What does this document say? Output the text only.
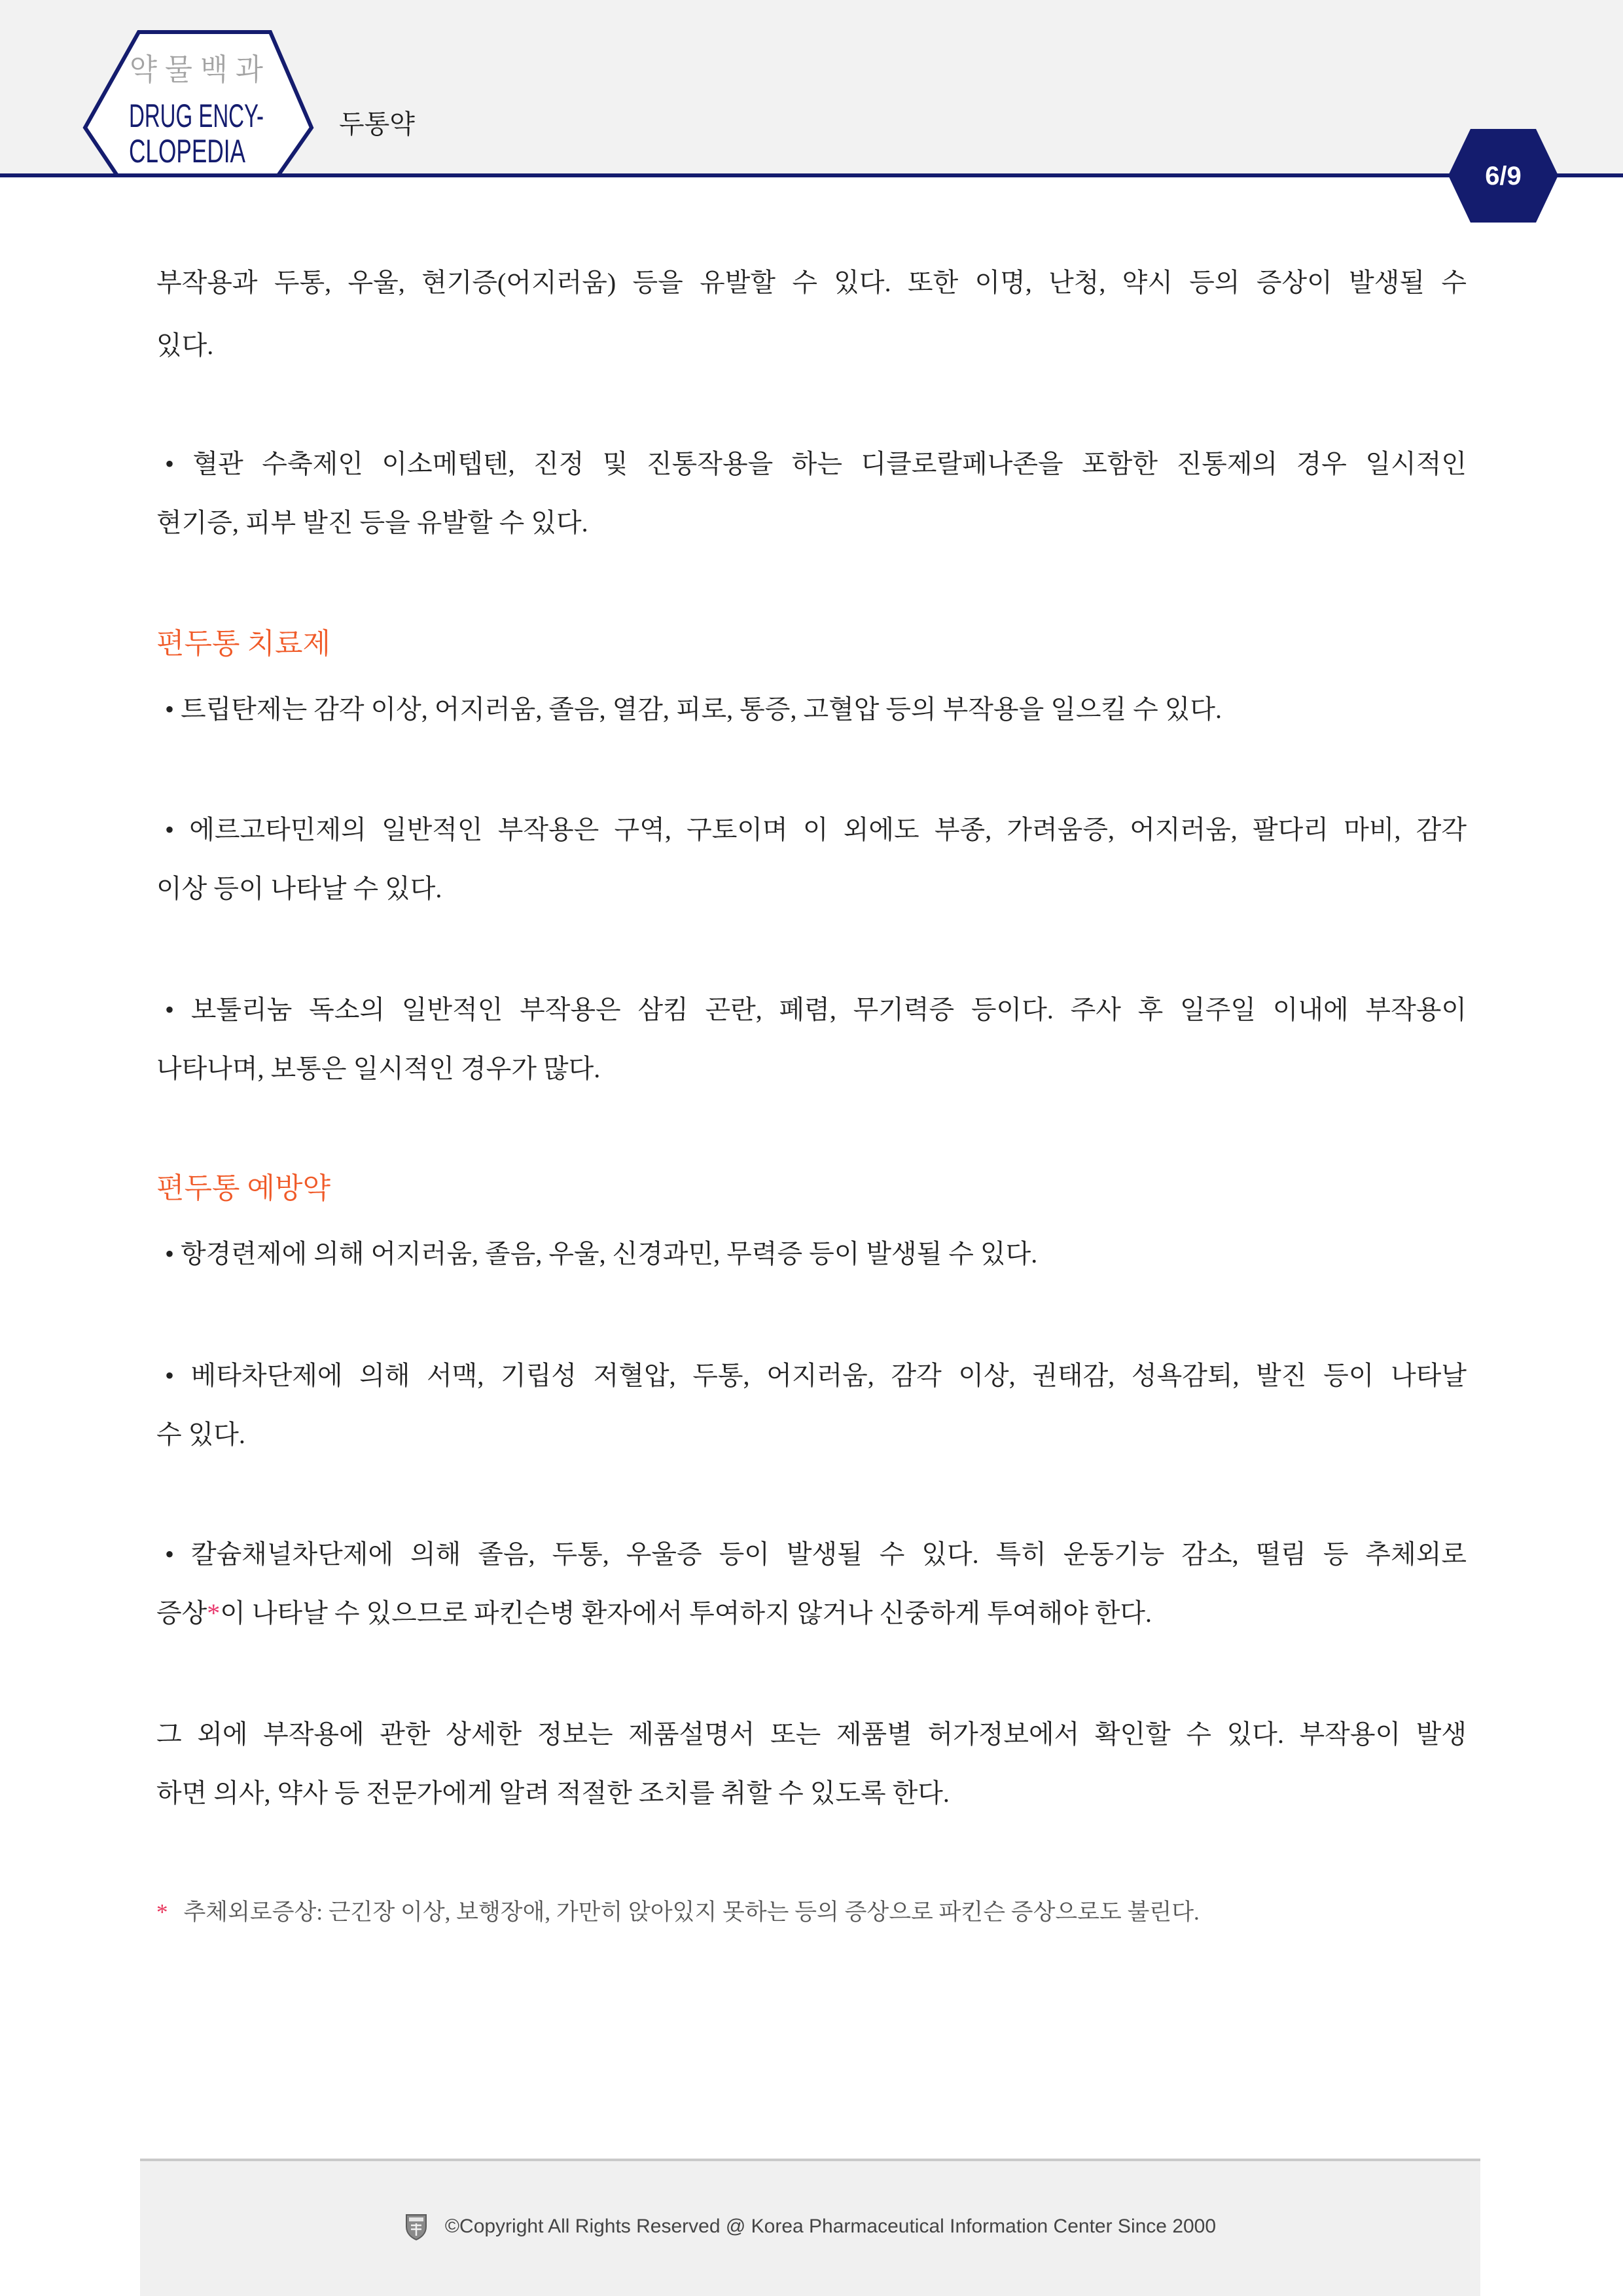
약 물 백 과
DRUG ENCY-
CLOPEDIA
두통약
6/9
부작용과 두통, 우울, 현기증(어지러움) 등을 유발할 수 있다. 또한 이명, 난청, 약시 등의 증상이 발생될 수
있다.
• 혈관 수축제인 이소메텝텐, 진정 및 진통작용을 하는 디클로랄페나존을 포함한 진통제의 경우 일시적인
현기증, 피부 발진 등을 유발할 수 있다.
편두통 치료제
• 트립탄제는 감각 이상, 어지러움, 졸음, 열감, 피로, 통증, 고혈압 등의 부작용을 일으킬 수 있다.
• 에르고타민제의 일반적인 부작용은 구역, 구토이며 이 외에도 부종, 가려움증, 어지러움, 팔다리 마비, 감각
이상 등이 나타날 수 있다.
• 보툴리눔 독소의 일반적인 부작용은 삼킴 곤란, 폐렴, 무기력증 등이다. 주사 후 일주일 이내에 부작용이
나타나며, 보통은 일시적인 경우가 많다.
편두통 예방약
• 항경련제에 의해 어지러움, 졸음, 우울, 신경과민, 무력증 등이 발생될 수 있다.
• 베타차단제에 의해 서맥, 기립성 저혈압, 두통, 어지러움, 감각 이상, 권태감, 성욕감퇴, 발진 등이 나타날
수 있다.
• 칼슘채널차단제에 의해 졸음, 두통, 우울증 등이 발생될 수 있다. 특히 운동기능 감소, 떨림 등 추체외로
증상*이 나타날 수 있으므로 파킨슨병 환자에서 투여하지 않거나 신중하게 투여해야 한다.
그 외에 부작용에 관한 상세한 정보는 제품설명서 또는 제품별 허가정보에서 확인할 수 있다. 부작용이 발생
하면 의사, 약사 등 전문가에게 알려 적절한 조치를 취할 수 있도록 한다.
* 추체외로증상: 근긴장 이상, 보행장애, 가만히 앉아있지 못하는 등의 증상으로 파킨슨 증상으로도 불린다.
©Copyright All Rights Reserved @ Korea Pharmaceutical Information Center Since 2000
